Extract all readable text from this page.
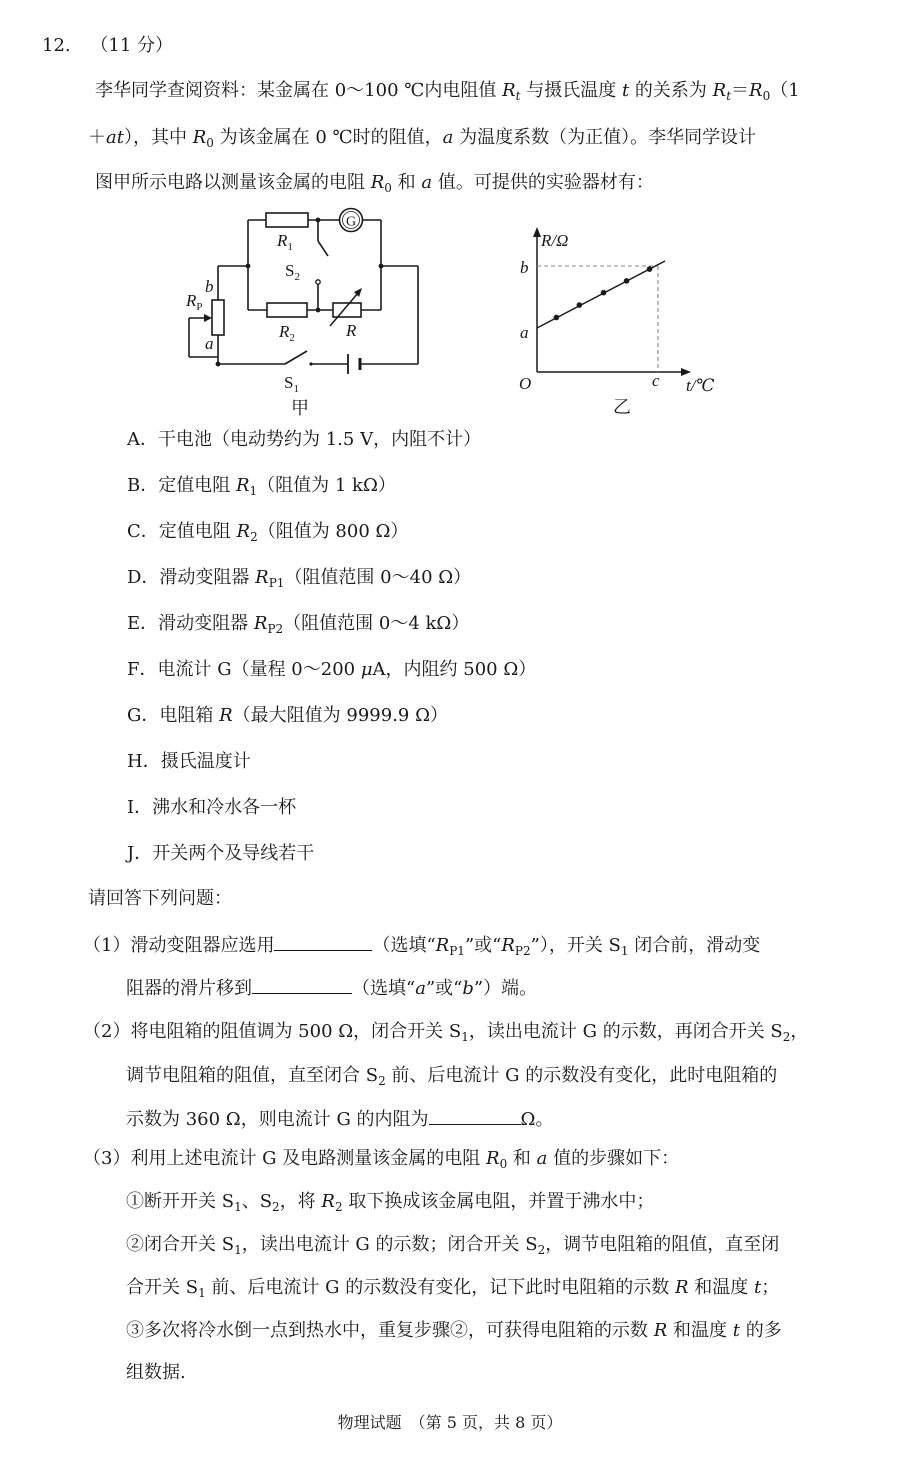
12. （11 分）
李华同学查阅资料：某金属在 0～100 ℃内电阻值 $R_t$ 与摄氏温度 t 的关系为 $R_t=R_0(1$
＋at），其中 $R_0$ 为该金属在 0 ℃时的阻值，a 为温度系数（为正值）。李华同学设计
图甲所示电路以测量该金属的电阻 $R_0$ 和 a 值。可提供的实验器材有：
G
$R_1$
$S_2$
$R_P$
b
a
$R_2$	R
$S_1$
甲
R/Ω
b
a
O	c t/℃
乙
A．干电池（电动势约为 1.5 V，内阻不计）
B．定值电阻 $R_1$（阻值为 1 kΩ）
C．定值电阻 $R_2$（阻值为 800 Ω）
D．滑动变阻器 $R_{P1}$（阻值范围 0～40 Ω）
E．滑动变阻器 $R_{P2}$（阻值范围 0～4 kΩ）
F．电流计 G（量程 0～200 μA，内阻约 500 Ω）
G．电阻箱 R（最大阻值为 9999.9 Ω）
H．摄氏温度计
I．沸水和冷水各一杯
J．开关两个及导线若干
请回答下列问题：
（1）滑动变阻器应选用	（选填“$R_{P1}$”或“$R_{P2}$”），开关 $S_1$ 闭合前，滑动变
阻器的滑片移到	（选填“a”或“b”）端。
（2）将电阻箱的阻值调为 500 Ω，闭合开关 $S_1$，读出电流计 G 的示数，再闭合开关 $S_2$，
调节电阻箱的阻值，直至闭合 $S_2$ 前、后电流计 G 的示数没有变化，此时电阻箱的
示数为 360 Ω，则电流计 G 的内阻为	Ω。
（3）利用上述电流计 G 及电路测量该金属的电阻 $R_0$ 和 a 值的步骤如下：
①断开开关 $S_1$、$S_2$，将 $R_2$ 取下换成该金属电阻，并置于沸水中；
②闭合开关 $S_1$，读出电流计 G 的示数；闭合开关 $S_2$，调节电阻箱的阻值，直至闭
合开关 $S_1$ 前、后电流计 G 的示数没有变化，记下此时电阻箱的示数 R 和温度 t；
③多次将冷水倒一点到热水中，重复步骤②，可获得电阻箱的示数 R 和温度 t 的多
组数据.
物理试题　（第 5 页，共 8 页）
